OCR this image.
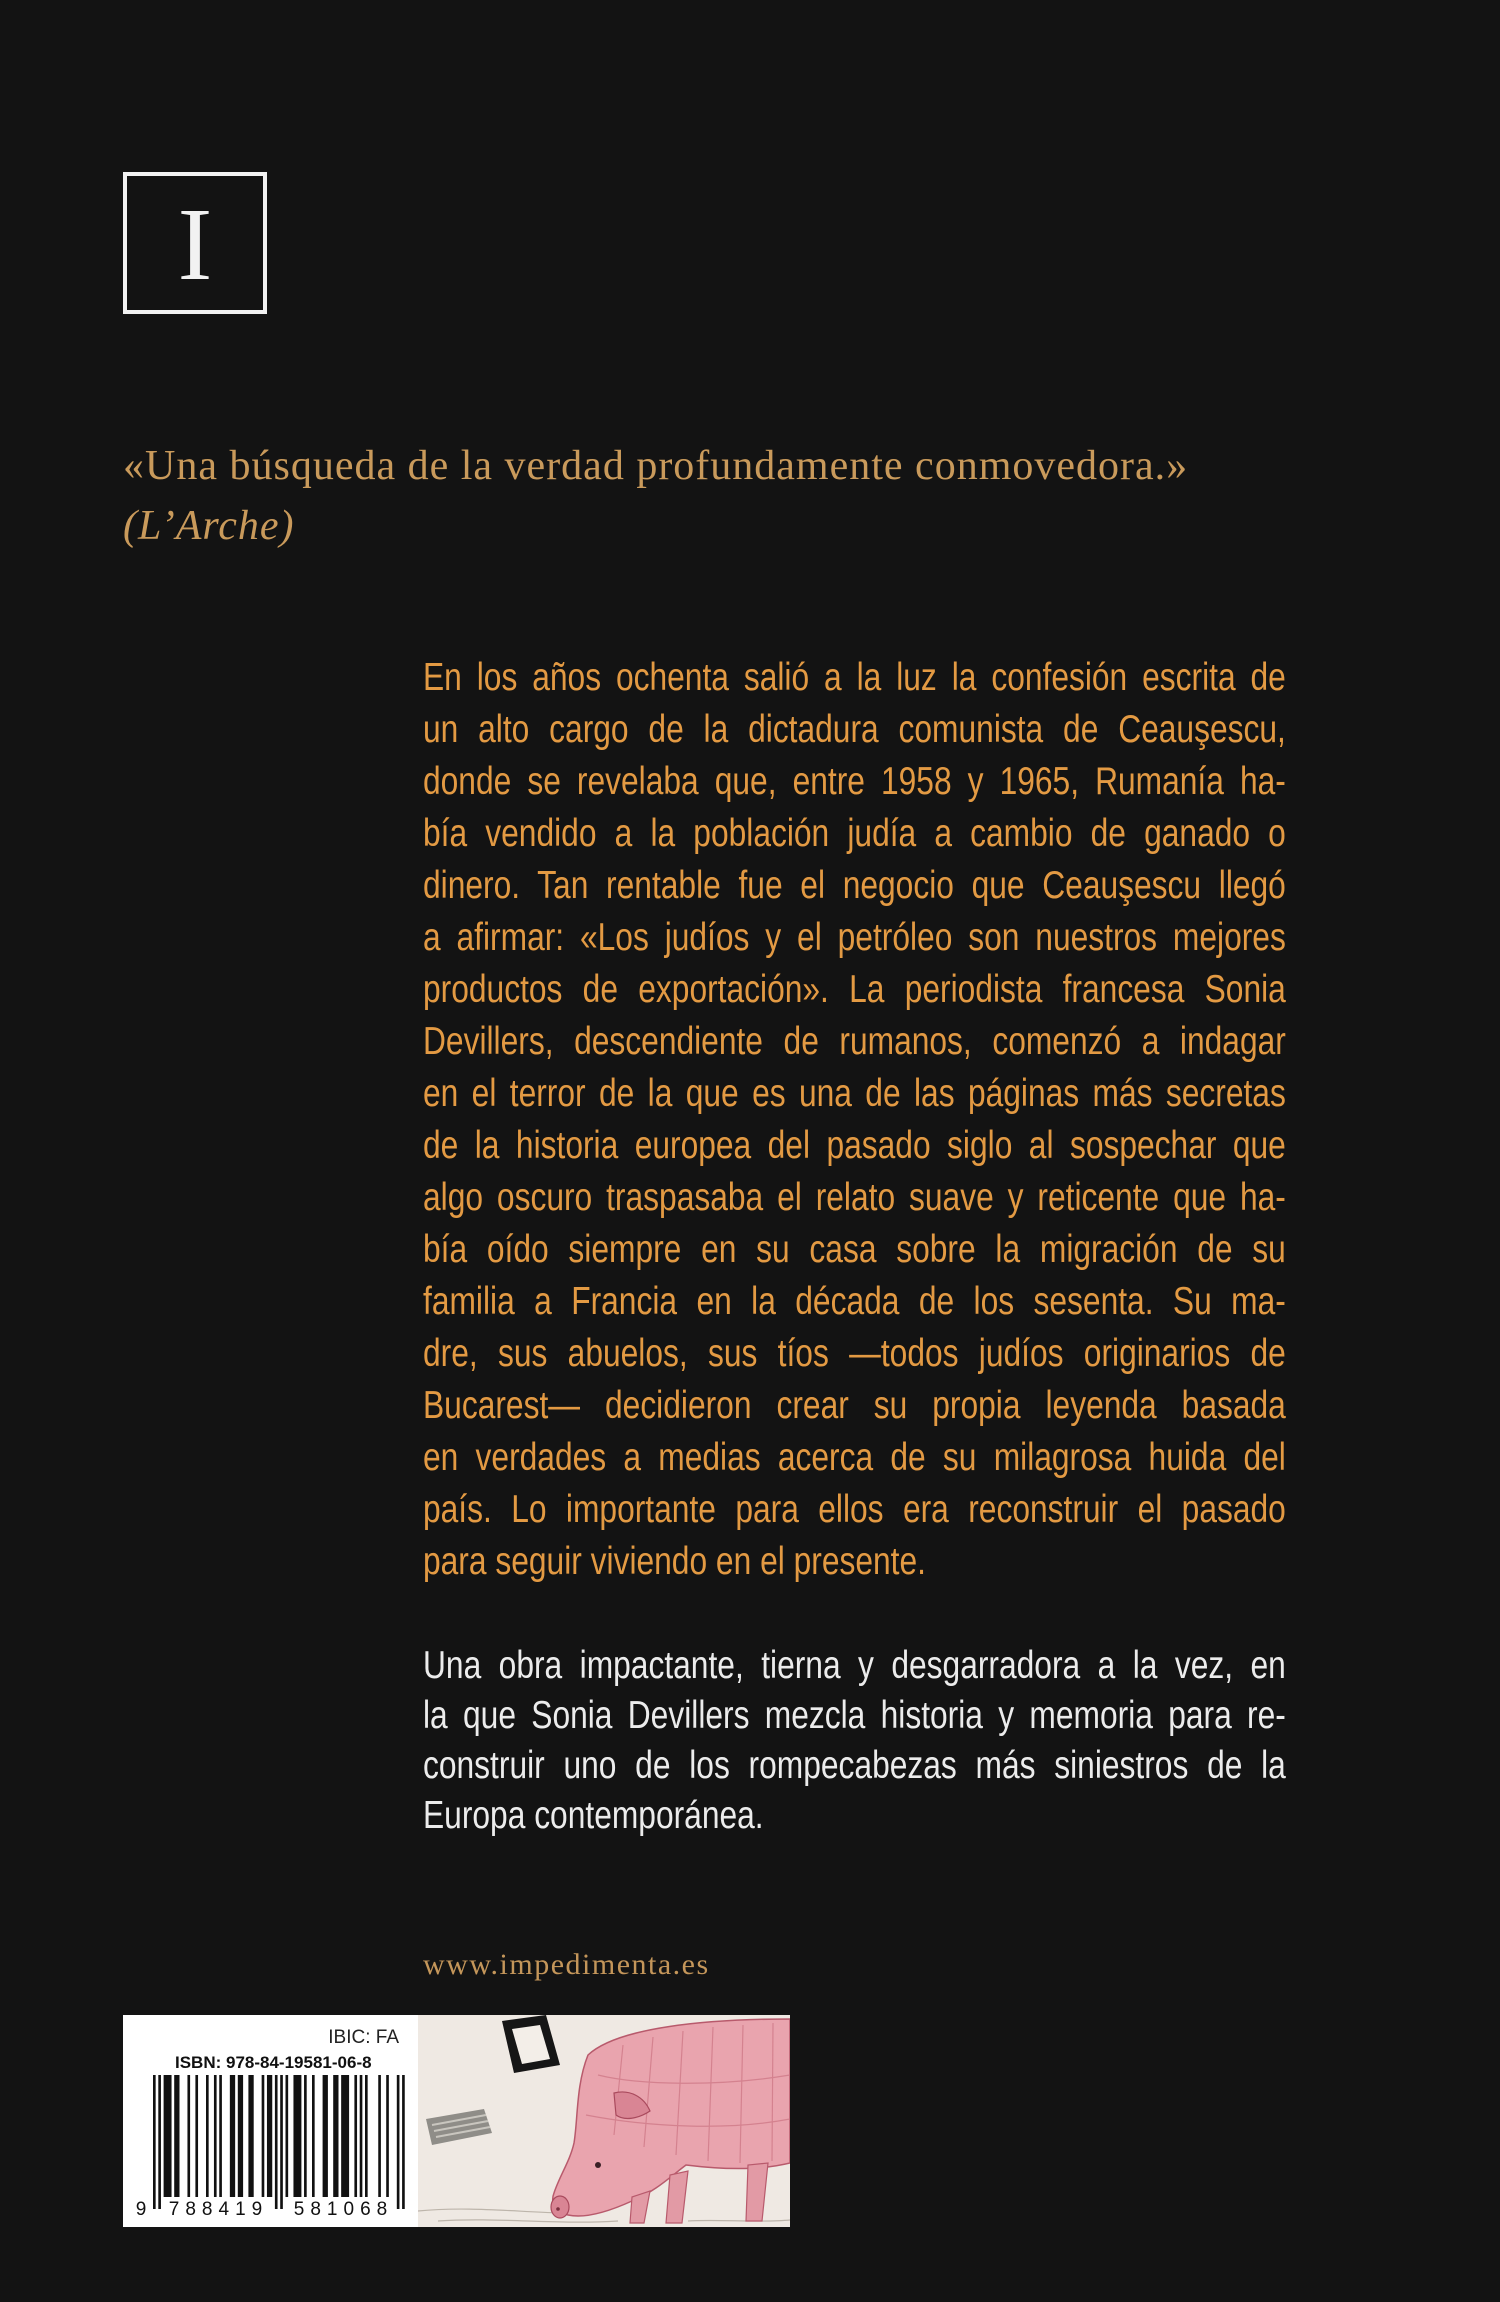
I
«Una búsqueda de la verdad profundamente conmovedora.»
(L’Arche)
En los años ochenta salió a la luz la confesión escrita de
un alto cargo de la dictadura comunista de Ceauşescu,
donde se revelaba que, entre 1958 y 1965, Rumanía ha-
bía vendido a la población judía a cambio de ganado o
dinero. Tan rentable fue el negocio que Ceauşescu llegó
a afirmar: «Los judíos y el petróleo son nuestros mejores
productos de exportación». La periodista francesa Sonia
Devillers, descendiente de rumanos, comenzó a indagar
en el terror de la que es una de las páginas más secretas
de la historia europea del pasado siglo al sospechar que
algo oscuro traspasaba el relato suave y reticente que ha-
bía oído siempre en su casa sobre la migración de su
familia a Francia en la década de los sesenta. Su ma-
dre, sus abuelos, sus tíos —todos judíos originarios de
Bucarest— decidieron crear su propia leyenda basada
en verdades a medias acerca de su milagrosa huida del
país. Lo importante para ellos era reconstruir el pasado
para seguir viviendo en el presente.
Una obra impactante, tierna y desgarradora a la vez, en
la que Sonia Devillers mezcla historia y memoria para re-
construir uno de los rompecabezas más siniestros de la
Europa contemporánea.
www.impedimenta.es
IBIC: FA
ISBN: 978-84-19581-06-8
9	788419	581068
